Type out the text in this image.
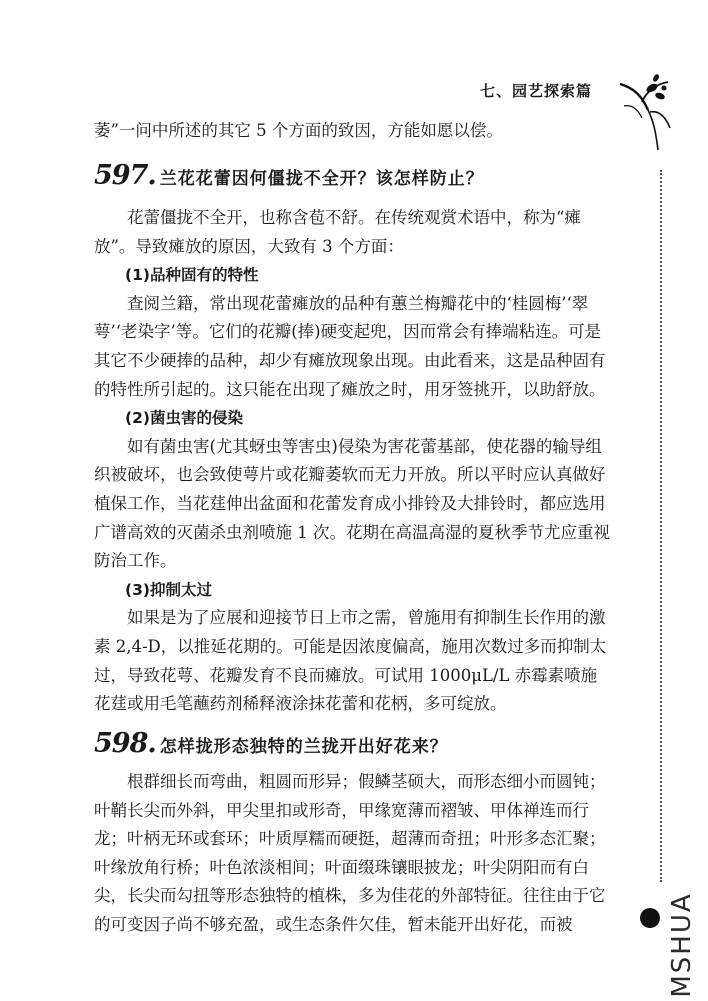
七、园艺探索篇

萎”一问中所述的其它 5 个方面的致因，方能如愿以偿。

597. 兰花花蕾因何僵拢不全开？该怎样防止？

花蕾僵拢不全开，也称含苞不舒。在传统观赏术语中，称为“瘫放”。导致瘫放的原因，大致有 3 个方面：

(1)品种固有的特性

查阅兰籍，常出现花蕾瘫放的品种有蕙兰梅瓣花中的‘桂圆梅’‘翠萼’‘老染字’等。它们的花瓣(捧)硬变起兜，因而常会有捧端粘连。可是其它不少硬捧的品种，却少有瘫放现象出现。由此看来，这是品种固有的特性所引起的。这只能在出现了瘫放之时，用牙签挑开，以助舒放。

(2)菌虫害的侵染

如有菌虫害(尤其蚜虫等害虫)侵染为害花蕾基部，使花器的输导组织被破坏，也会致使萼片或花瓣萎软而无力开放。所以平时应认真做好植保工作，当花莛伸出盆面和花蕾发育成小排铃及大排铃时，都应选用广谱高效的灭菌杀虫剂喷施 1 次。花期在高温高湿的夏秋季节尤应重视防治工作。

(3)抑制太过

如果是为了应展和迎接节日上市之需，曾施用有抑制生长作用的激素 2,4-D，以推延花期的。可能是因浓度偏高，施用次数过多而抑制太过，导致花萼、花瓣发育不良而瘫放。可试用 1000μL/L 赤霉素喷施花莛或用毛笔蘸药剂稀释液涂抹花蕾和花柄，多可绽放。

598. 怎样拢形态独特的兰拢开出好花来？

根群细长而弯曲，粗圆而形异；假鳞茎硕大，而形态细小而圆钝；叶鞘长尖而外斜，甲尖里扣或形奇，甲缘宽薄而褶皱、甲体禅连而行龙；叶柄无环或套环；叶质厚糯而硬挺，超薄而奇扭；叶形多态汇聚；叶缘放角行桥；叶色浓淡相间；叶面缀珠镶眼披龙；叶尖阴阳而有白尖，长尖而勾扭等形态独特的植株，多为佳花的外部特征。往往由于它的可变因子尚不够充盈，或生态条件欠佳，暂未能开出好花，而被	MSHUA
